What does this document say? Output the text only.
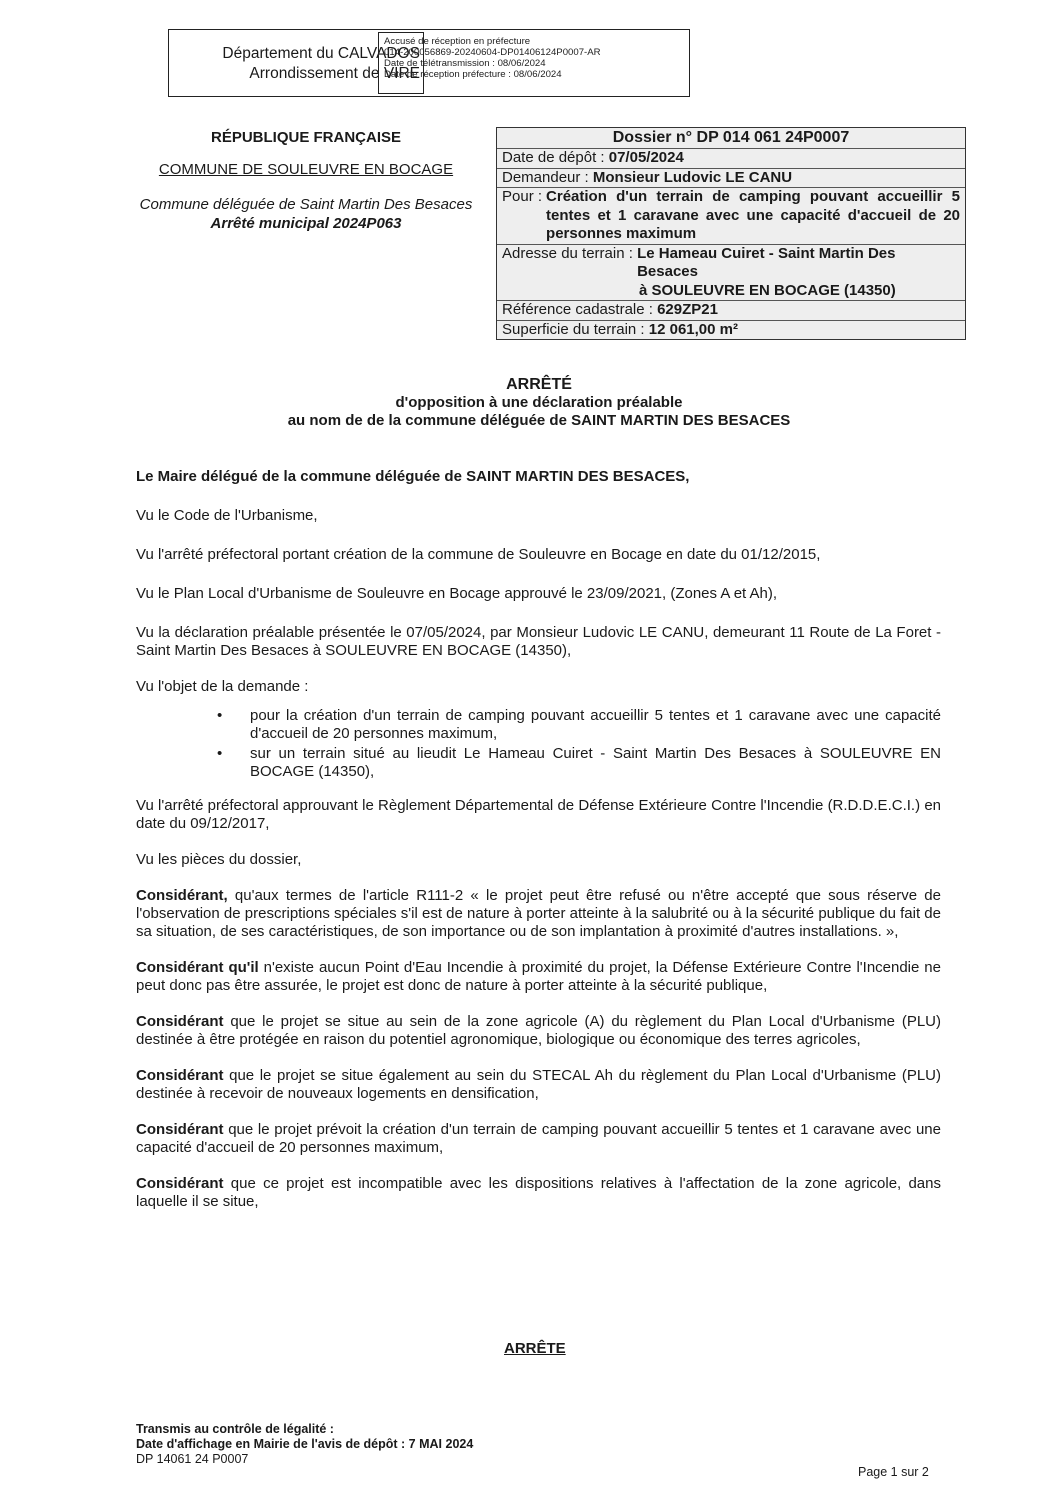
Département du CALVADOS
Arrondissement de VIRE
Accusé de réception en préfecture
014-200056869-20240604-DP01406124P0007-AR
Date de télétransmission : 08/06/2024
Date de réception préfecture : 08/06/2024
RÉPUBLIQUE FRANÇAISE
COMMUNE DE SOULEUVRE EN BOCAGE
Commune déléguée de Saint Martin Des Besaces
Arrêté municipal 2024P063
Dossier n° DP 014 061 24P0007
Date de dépôt : 07/05/2024
Demandeur : Monsieur Ludovic LE CANU
Pour : Création d'un terrain de camping pouvant accueillir 5 tentes et 1 caravane avec une capacité d'accueil de 20 personnes maximum
Adresse du terrain : Le Hameau Cuiret - Saint Martin Des Besaces
à SOULEUVRE EN BOCAGE (14350)
Référence cadastrale : 629ZP21
Superficie du terrain : 12 061,00 m²
ARRÊTÉ
d'opposition à une déclaration préalable
au nom de de la commune déléguée de SAINT MARTIN DES BESACES

Le Maire délégué de la commune déléguée de SAINT MARTIN DES BESACES,

Vu le Code de l'Urbanisme,

Vu l'arrêté préfectoral portant création de la commune de Souleuvre en Bocage en date du 01/12/2015,

Vu le Plan Local d'Urbanisme de Souleuvre en Bocage approuvé le 23/09/2021, (Zones A et Ah),

Vu la déclaration préalable présentée le 07/05/2024, par Monsieur Ludovic LE CANU, demeurant 11 Route de La Foret - Saint Martin Des Besaces à SOULEUVRE EN BOCAGE (14350),

Vu l'objet de la demande :

• pour la création d'un terrain de camping pouvant accueillir 5 tentes et 1 caravane avec une capacité d'accueil de 20 personnes maximum,
• sur un terrain situé au lieudit Le Hameau Cuiret - Saint Martin Des Besaces à SOULEUVRE EN BOCAGE (14350),

Vu l'arrêté préfectoral approuvant le Règlement Départemental de Défense Extérieure Contre l'Incendie (R.D.D.E.C.I.) en date du 09/12/2017,

Vu les pièces du dossier,

Considérant, qu'aux termes de l'article R111-2 « le projet peut être refusé ou n'être accepté que sous réserve de l'observation de prescriptions spéciales s'il est de nature à porter atteinte à la salubrité ou à la sécurité publique du fait de sa situation, de ses caractéristiques, de son importance ou de son implantation à proximité d'autres installations. »,

Considérant qu'il n'existe aucun Point d'Eau Incendie à proximité du projet, la Défense Extérieure Contre l'Incendie ne peut donc pas être assurée, le projet est donc de nature à porter atteinte à la sécurité publique,

Considérant que le projet se situe au sein de la zone agricole (A) du règlement du Plan Local d'Urbanisme (PLU) destinée à être protégée en raison du potentiel agronomique, biologique ou économique des terres agricoles,

Considérant que le projet se situe également au sein du STECAL Ah du règlement du Plan Local d'Urbanisme (PLU) destinée à recevoir de nouveaux logements en densification,

Considérant que le projet prévoit la création d'un terrain de camping pouvant accueillir 5 tentes et 1 caravane avec une capacité d'accueil de 20 personnes maximum,

Considérant que ce projet est incompatible avec les dispositions relatives à l'affectation de la zone agricole, dans laquelle il se situe,

ARRÊTE
Transmis au contrôle de légalité :
Date d'affichage en Mairie de l'avis de dépôt : 7 MAI 2024
DP 14061 24 P0007
Page 1 sur 2
